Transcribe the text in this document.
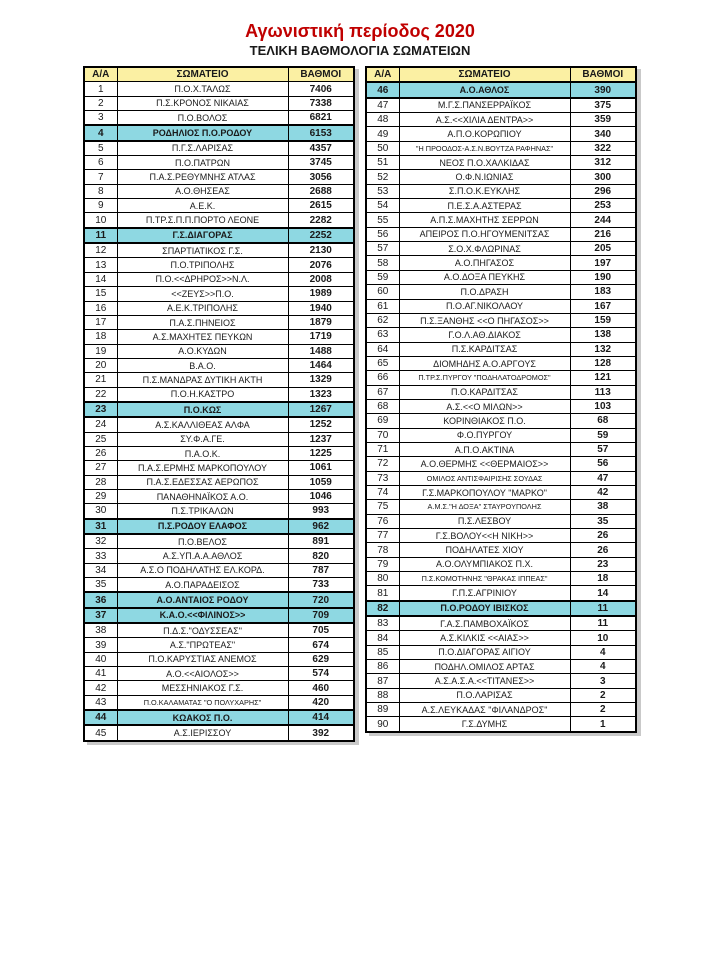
Αγωνιστική περίοδος 2020
ΤΕΛΙΚΗ ΒΑΘΜΟΛΟΓΙΑ ΣΩΜΑΤΕΙΩΝ
Α/Α	ΣΩΜΑΤΕΙΟ	ΒΑΘΜΟΙ
1	Π.Ο.Χ.ΤΑΛΩΣ	7406
2	Π.Σ.ΚΡΟΝΟΣ ΝΙΚΑΙΑΣ	7338
3	Π.Ο.ΒΟΛΟΣ	6821
4	ΡΟΔΗΛΙΟΣ Π.Ο.ΡΟΔΟΥ	6153
5	Π.Γ.Σ.ΛΑΡΙΣΑΣ	4357
6	Π.Ο.ΠΑΤΡΩΝ	3745
7	Π.Α.Σ.ΡΕΘΥΜΝΗΣ ΑΤΛΑΣ	3056
8	Α.Ο.ΘΗΣΕΑΣ	2688
9	Α.Ε.Κ.	2615
10	Π.ΤΡ.Σ.Π.Π.ΠΟΡΤΟ ΛΕΟΝΕ	2282
11	Γ.Σ.ΔΙΑΓΟΡΑΣ	2252
12	ΣΠΑΡΤΙΑΤΙΚΟΣ Γ.Σ.	2130
13	Π.Ο.ΤΡΙΠΟΛΗΣ	2076
14	Π.Ο.<<ΔΡΗΡΟΣ>>Ν.Λ.	2008
15	<<ΖΕΥΣ>>Π.Ο.	1989
16	Α.Ε.Κ.ΤΡΙΠΟΛΗΣ	1940
17	Π.Α.Σ.ΠΗΝΕΙΟΣ	1879
18	Α.Σ.ΜΑΧΗΤΕΣ ΠΕΥΚΩΝ	1719
19	Α.Ο.ΚΥΔΩΝ	1488
20	Β.Α.Ο.	1464
21	Π.Σ.ΜΑΝΔΡΑΣ ΔΥΤΙΚΗ ΑΚΤΗ	1329
22	Π.Ο.Η.ΚΑΣΤΡΟ	1323
23	Π.Ο.ΚΩΣ	1267
24	Α.Σ.ΚΑΛΛΙΘΕΑΣ ΑΛΦΑ	1252
25	ΣΥ.Φ.Α.ΓΕ.	1237
26	Π.Α.Ο.Κ.	1225
27	Π.Α.Σ.ΕΡΜΗΣ ΜΑΡΚΟΠΟΥΛΟΥ	1061
28	Π.Α.Σ.ΕΔΕΣΣΑΣ ΑΕΡΩΠΟΣ	1059
29	ΠΑΝΑΘΗΝΑΪΚΟΣ Α.Ο.	1046
30	Π.Σ.ΤΡΙΚΑΛΩΝ	993
31	Π.Σ.ΡΟΔΟΥ ΕΛΑΦΟΣ	962
32	Π.Ο.ΒΕΛΟΣ	891
33	Α.Σ.ΥΠ.Α.Α.ΑΘΛΟΣ	820
34	Α.Σ.Ο ΠΟΔΗΛΑΤΗΣ ΕΛ.ΚΟΡΔ.	787
35	Α.Ο.ΠΑΡΑΔΕΙΣΟΣ	733
36	Α.Ο.ΑΝΤΑΙΟΣ ΡΟΔΟΥ	720
37	Κ.Α.Ο.<<ΦΙΛΙΝΟΣ>>	709
38	Π.Δ.Σ."ΟΔΥΣΣΕΑΣ"	705
39	Α.Σ."ΠΡΩΤΕΑΣ"	674
40	Π.Ο.ΚΑΡΥΣΤΙΑΣ ΑΝΕΜΟΣ	629
41	Α.Ο.<<ΑΙΟΛΟΣ>>	574
42	ΜΕΣΣΗΝΙΑΚΟΣ Γ.Σ.	460
43	Π.Ο.ΚΑΛΑΜΑΤΑΣ "Ο ΠΟΛΥΧΑΡΗΣ"	420
44	ΚΩΑΚΟΣ Π.Ο.	414
45	Α.Σ.ΙΕΡΙΣΣΟΥ	392
Α/Α	ΣΩΜΑΤΕΙΟ	ΒΑΘΜΟΙ
46	Α.Ο.ΑΘΛΟΣ	390
47	Μ.Γ.Σ.ΠΑΝΣΕΡΡΑΪΚΟΣ	375
48	Α.Σ.<<ΧΙΛΙΑ ΔΕΝΤΡΑ>>	359
49	Α.Π.Ο.ΚΟΡΩΠΙΟΥ	340
50	"Η ΠΡΟΟΔΟΣ-Α.Σ.Ν.ΒΟΥΤΖΑ ΡΑΦΗΝΑΣ"	322
51	ΝΕΟΣ Π.Ο.ΧΑΛΚΙΔΑΣ	312
52	Ο.Φ.Ν.ΙΩΝΙΑΣ	300
53	Σ.Π.Ο.Κ.ΕΥΚΛΗΣ	296
54	Π.Ε.Σ.Α.ΑΣΤΕΡΑΣ	253
55	Α.Π.Σ.ΜΑΧΗΤΗΣ ΣΕΡΡΩΝ	244
56	ΑΠΕΙΡΟΣ Π.Ο.ΗΓΟΥΜΕΝΙΤΣΑΣ	216
57	Σ.Ο.Χ.ΦΛΩΡΙΝΑΣ	205
58	Α.Ο.ΠΗΓΑΣΟΣ	197
59	Α.Ο.ΔΟΞΑ ΠΕΥΚΗΣ	190
60	Π.Ο.ΔΡΑΣΗ	183
61	Π.Ο.ΑΓ.ΝΙΚΟΛΑΟΥ	167
62	Π.Σ.ΞΑΝΘΗΣ <<Ο ΠΗΓΑΣΟΣ>>	159
63	Γ.Ο.Λ.ΑΘ.ΔΙΑΚΟΣ	138
64	Π.Σ.ΚΑΡΔΙΤΣΑΣ	132
65	ΔΙΟΜΗΔΗΣ Α.Ο.ΑΡΓΟΥΣ	128
66	Π.ΤΡ.Σ.ΠΥΡΓΟΥ "ΠΟΔΗΛΑΤΟΔΡΟΜΟΣ"	121
67	Π.Ο.ΚΑΡΔΙΤΣΑΣ	113
68	Α.Σ.<<Ο ΜΙΛΩΝ>>	103
69	ΚΟΡΙΝΘΙΑΚΟΣ Π.Ο.	68
70	Φ.Ο.ΠΥΡΓΟΥ	59
71	Α.Π.Ο.ΑΚΤΙΝΑ	57
72	Α.Ο.ΘΕΡΜΗΣ <<ΘΕΡΜΑΙΟΣ>>	56
73	ΟΜΙΛΟΣ ΑΝΤΙΣΦΑΙΡΙΣΗΣ ΣΟΥΔΑΣ	47
74	Γ.Σ.ΜΑΡΚΟΠΟΥΛΟΥ "ΜΑΡΚΟ"	42
75	Α.Μ.Σ."Η ΔΟΞΑ" ΣΤΑΥΡΟΥΠΟΛΗΣ	38
76	Π.Σ.ΛΕΣΒΟΥ	35
77	Γ.Σ.ΒΟΛΟΥ<<Η ΝΙΚΗ>>	26
78	ΠΟΔΗΛΑΤΕΣ ΧΙΟΥ	26
79	Α.Ο.ΟΛΥΜΠΙΑΚΟΣ Π.Χ.	23
80	Π.Σ.ΚΟΜΟΤΗΝΗΣ "ΘΡΑΚΑΣ ΙΠΠΕΑΣ"	18
81	Γ.Π.Σ.ΑΓΡΙΝΙΟΥ	14
82	Π.Ο.ΡΟΔΟΥ ΙΒΙΣΚΟΣ	11
83	Γ.Α.Σ.ΠΑΜΒΟΧΑΪΚΟΣ	11
84	Α.Σ.ΚΙΛΚΙΣ <<ΑΙΑΣ>>	10
85	Π.Ο.ΔΙΑΓΟΡΑΣ ΑΙΓΙΟΥ	4
86	ΠΟΔΗΛ.ΟΜΙΛΟΣ ΑΡΤΑΣ	4
87	Α.Σ.Α.Σ.Α.<<ΤΙΤΑΝΕΣ>>	3
88	Π.Ο.ΛΑΡΙΣΑΣ	2
89	Α.Σ.ΛΕΥΚΑΔΑΣ "ΦΙΛΑΝΔΡΟΣ"	2
90	Γ.Σ.ΔΥΜΗΣ	1
